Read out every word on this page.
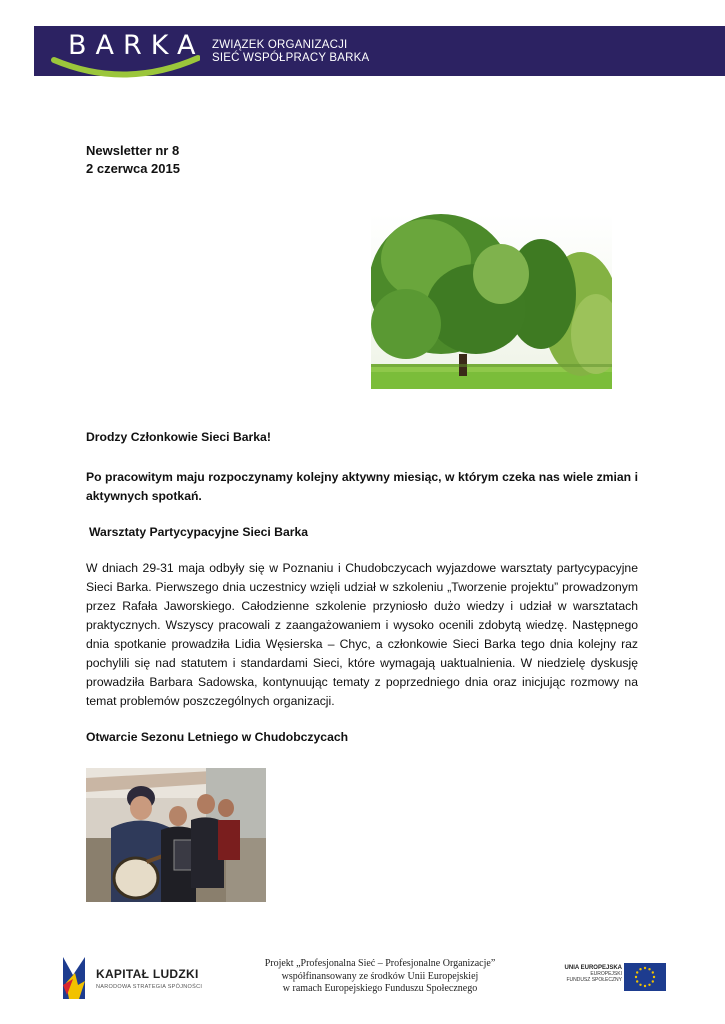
BARKA ZWIĄZEK ORGANIZACJI
SIEĆ WSPÓŁPRACY BARKA
Newsletter nr 8
2 czerwca 2015

Drodzy Członkowie Sieci Barka!

Po pracowitym maju rozpoczynamy kolejny aktywny miesiąc, w którym czeka nas wiele zmian i aktywnych spotkań.

Warsztaty Partycypacyjne Sieci Barka

W dniach 29-31 maja odbyły się w Poznaniu i Chudobczycach wyjazdowe warsztaty partycypacyjne Sieci Barka. Pierwszego dnia uczestnicy wzięli udział w szkoleniu „Tworzenie projektu” prowadzonym przez Rafała Jaworskiego. Całodzienne szkolenie przyniosło dużo wiedzy i udział w warsztatach praktycznych. Wszyscy pracowali z zaangażowaniem i wysoko ocenili zdobytą wiedzę. Następnego dnia spotkanie prowadziła Lidia Węsierska – Chyc, a członkowie Sieci Barka tego dnia kolejny raz pochylili się nad statutem i standardami Sieci, które wymagają uaktualnienia. W niedzielę dyskusję prowadziła Barbara Sadowska, kontynuując tematy z poprzedniego dnia oraz inicjując rozmowy na temat problemów poszczególnych organizacji.

Otwarcie Sezonu Letniego w Chudobczycach

KAPITAŁ LUDZKI
NARODOWA STRATEGIA SPÓJNOŚCI
Projekt „Profesjonalna Sieć – Profesjonalne Organizacje”
współfinansowany ze środków Unii Europejskiej
w ramach Europejskiego Funduszu Społecznego
UNIA EUROPEJSKA
EUROPEJSKI
FUNDUSZ SPOŁECZNY
